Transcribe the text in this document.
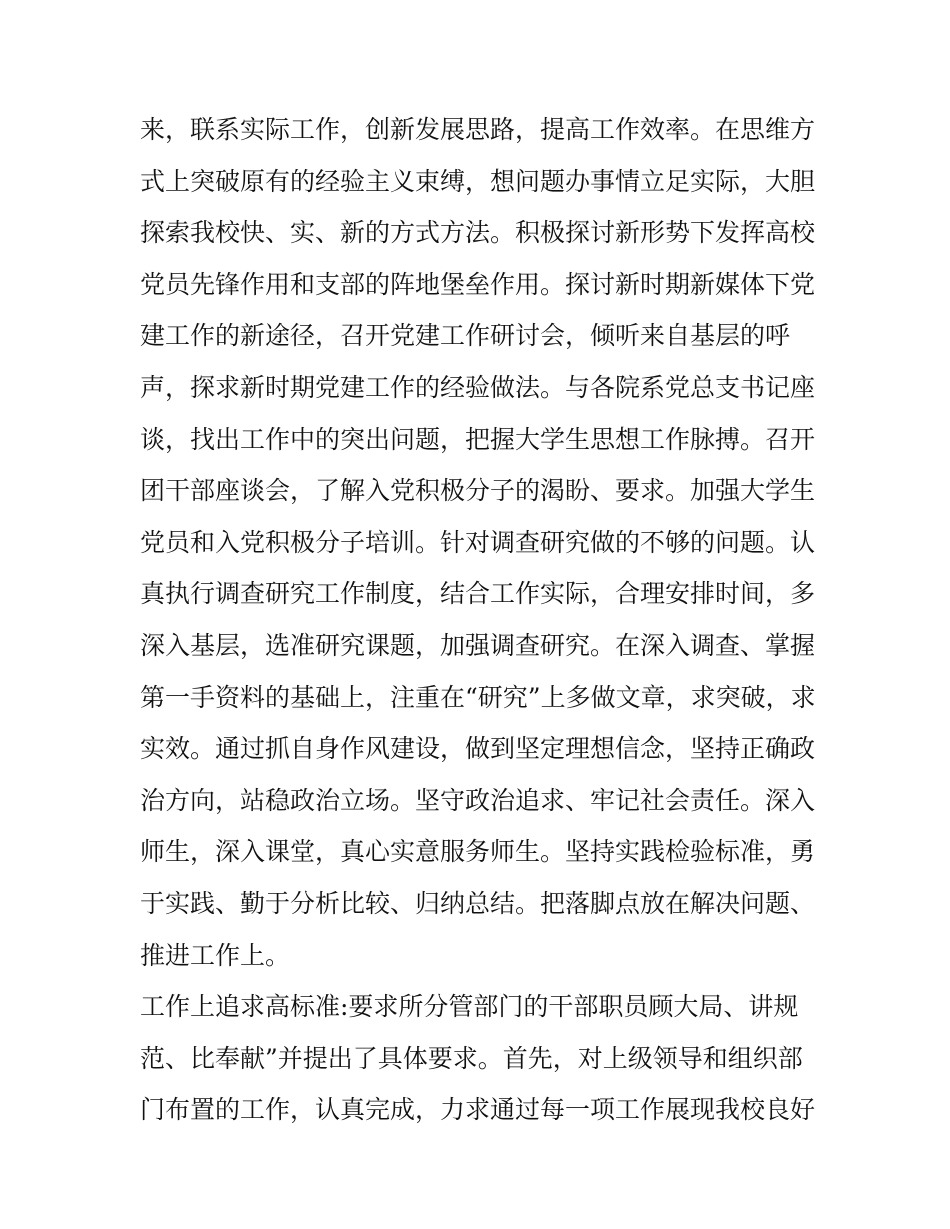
来，联系实际工作，创新发展思路，提高工作效率。在思维方
式上突破原有的经验主义束缚，想问题办事情立足实际，大胆
探索我校快、实、新的方式方法。积极探讨新形势下发挥高校
党员先锋作用和支部的阵地堡垒作用。探讨新时期新媒体下党
建工作的新途径，召开党建工作研讨会，倾听来自基层的呼
声，探求新时期党建工作的经验做法。与各院系党总支书记座
谈，找出工作中的突出问题，把握大学生思想工作脉搏。召开
团干部座谈会，了解入党积极分子的渴盼、要求。加强大学生
党员和入党积极分子培训。针对调查研究做的不够的问题。认
真执行调查研究工作制度，结合工作实际，合理安排时间，多
深入基层，选准研究课题，加强调查研究。在深入调查、掌握
第一手资料的基础上，注重在“研究”上多做文章，求突破，求
实效。通过抓自身作风建设，做到坚定理想信念，坚持正确政
治方向，站稳政治立场。坚守政治追求、牢记社会责任。深入
师生，深入课堂，真心实意服务师生。坚持实践检验标准，勇
于实践、勤于分析比较、归纳总结。把落脚点放在解决问题、
推进工作上。
工作上追求高标准:要求所分管部门的干部职员顾大局、讲规
范、比奉献”并提出了具体要求。首先，对上级领导和组织部
门布置的工作，认真完成，力求通过每一项工作展现我校良好
